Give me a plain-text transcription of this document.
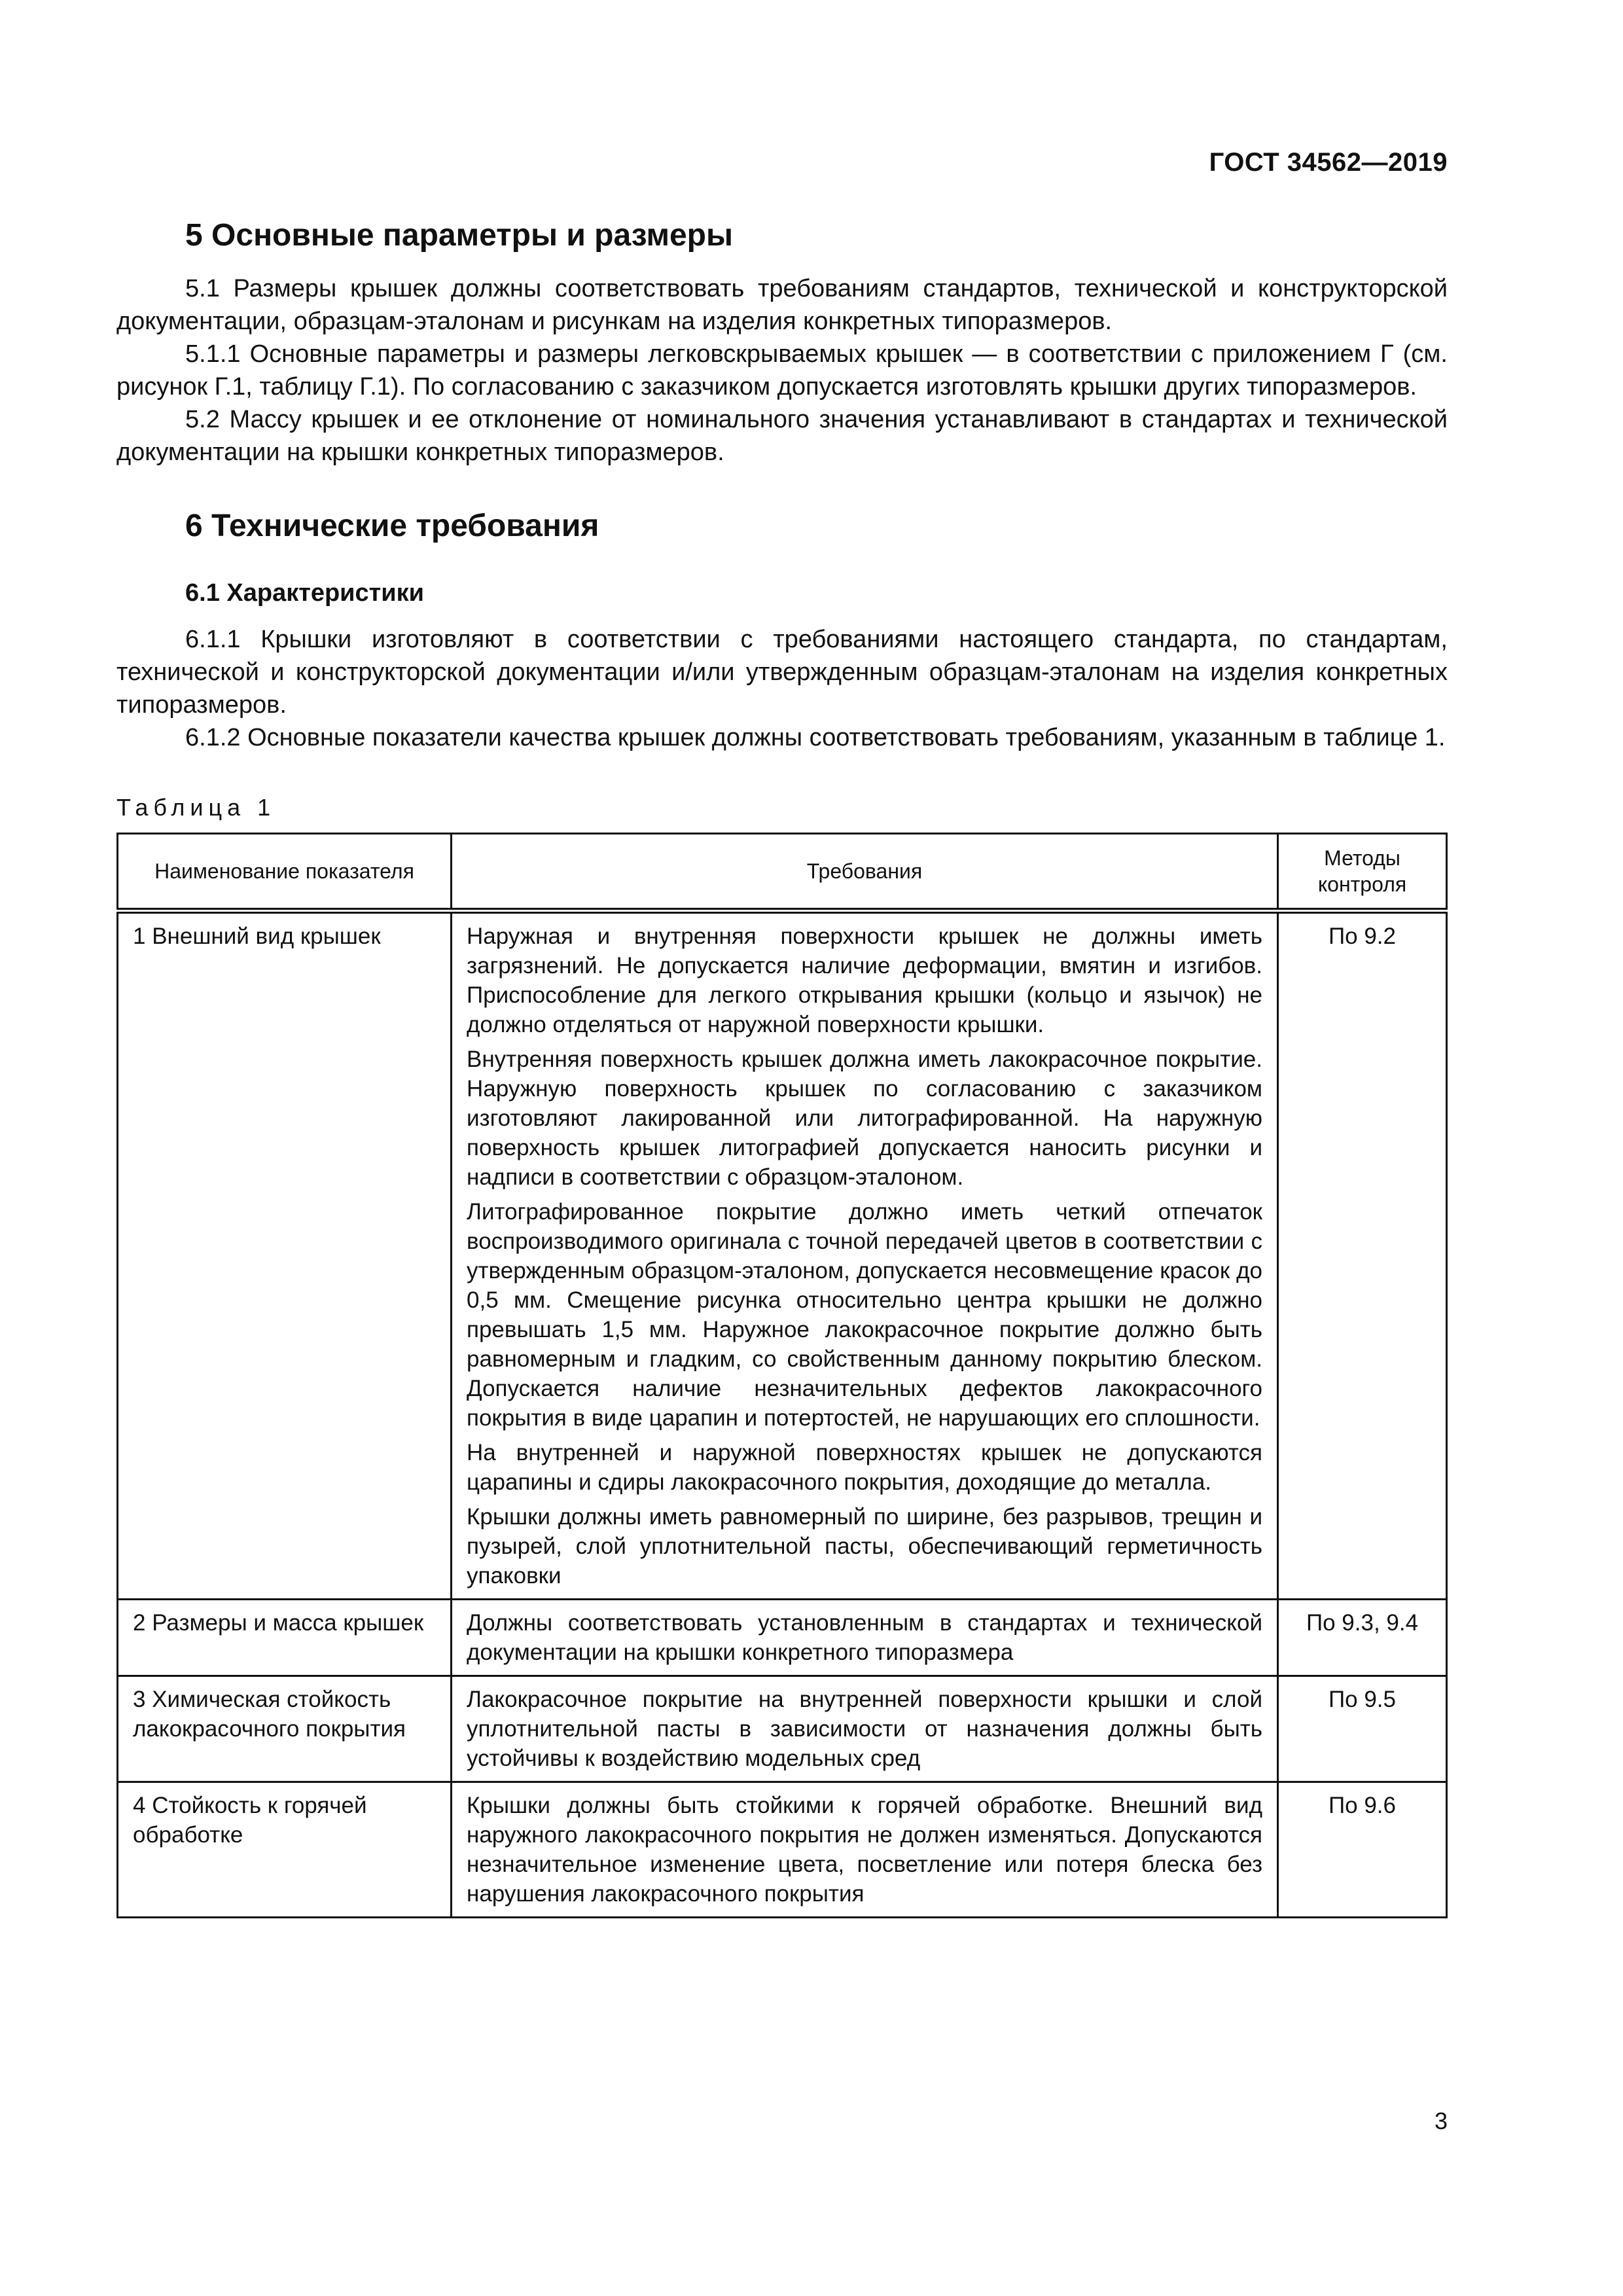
ГОСТ 34562—2019
5 Основные параметры и размеры

5.1 Размеры крышек должны соответствовать требованиям стандартов, технической и конструкторской документации, образцам-эталонам и рисункам на изделия конкретных типоразмеров.

5.1.1 Основные параметры и размеры легковскрываемых крышек — в соответствии с приложением Г (см. рисунок Г.1, таблицу Г.1). По согласованию с заказчиком допускается изготовлять крышки других типоразмеров.

5.2 Массу крышек и ее отклонение от номинального значения устанавливают в стандартах и технической документации на крышки конкретных типоразмеров.

6 Технические требования
6.1 Характеристики

6.1.1 Крышки изготовляют в соответствии с требованиями настоящего стандарта, по стандартам, технической и конструкторской документации и/или утвержденным образцам-эталонам на изделия конкретных типоразмеров.

6.1.2 Основные показатели качества крышек должны соответствовать требованиям, указанным в таблице 1.

Таблица 1
Наименование показателя	Требования	Методы контроля
1 Внешний вид крышек	Наружная и внутренняя поверхности крышек не должны иметь загрязнений. Не допускается наличие деформации, вмятин и изгибов. Приспособление для легкого открывания крышки (кольцо и язычок) не должно отделяться от наружной поверхности крышки.

Внутренняя поверхность крышек должна иметь лакокрасочное покрытие. Наружную поверхность крышек по согласованию с заказчиком изготовляют лакированной или литографированной. На наружную поверхность крышек литографией допускается наносить рисунки и надписи в соответствии с образцом-эталоном.

Литографированное покрытие должно иметь четкий отпечаток воспроизводимого оригинала с точной передачей цветов в соответствии с утвержденным образцом-эталоном, допускается несовмещение красок до 0,5 мм. Смещение рисунка относительно центра крышки не должно превышать 1,5 мм. Наружное лакокрасочное покрытие должно быть равномерным и гладким, со свойственным данному покрытию блеском. Допускается наличие незначительных дефектов лакокрасочного покрытия в виде царапин и потертостей, не нарушающих его сплошности.

На внутренней и наружной поверхностях крышек не допускаются царапины и сдиры лакокрасочного покрытия, доходящие до металла.

Крышки должны иметь равномерный по ширине, без разрывов, трещин и пузырей, слой уплотнительной пасты, обеспечивающий герметичность упаковки	По 9.2
2 Размеры и масса крышек	Должны соответствовать установленным в стандартах и технической документации на крышки конкретного типоразмера	По 9.3, 9.4
3 Химическая стойкость лакокрасочного покрытия	Лакокрасочное покрытие на внутренней поверхности крышки и слой уплотнительной пасты в зависимости от назначения должны быть устойчивы к воздействию модельных сред	По 9.5
4 Стойкость к горячей обработке	Крышки должны быть стойкими к горячей обработке. Внешний вид наружного лакокрасочного покрытия не должен изменяться. Допускаются незначительное изменение цвета, посветление или потеря блеска без нарушения лакокрасочного покрытия	По 9.6
3
